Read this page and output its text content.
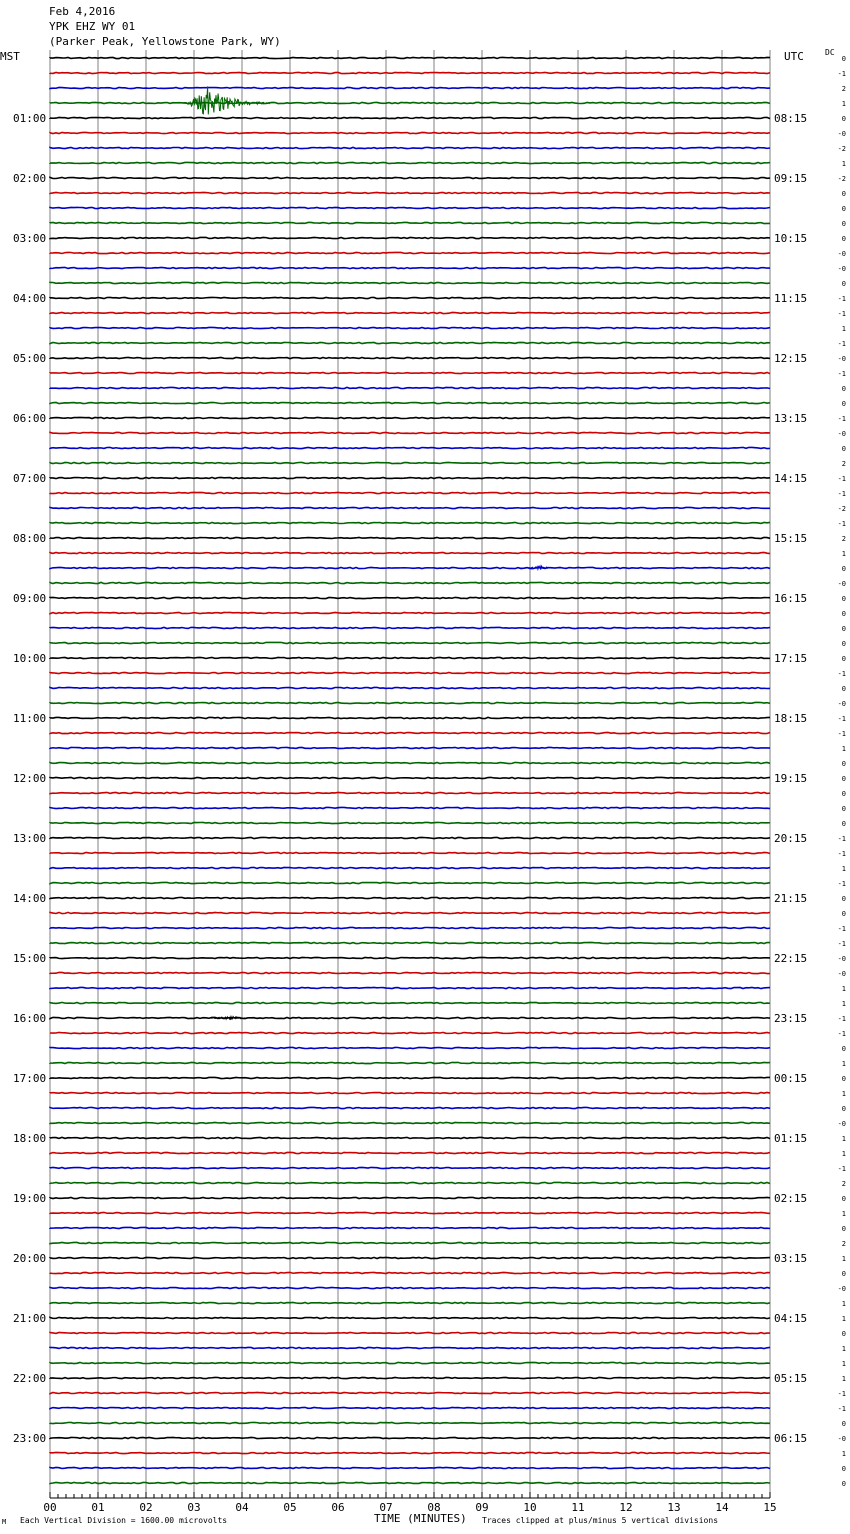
Feb 4,2016
YPK EHZ WY 01
(Parker Peak, Yellowstone Park, WY)
MST	UTC	DC
01:00
02:00
03:00
04:00
05:00
06:00
07:00
08:00
09:00
10:00
11:00
12:00
13:00
14:00
15:00
16:00
17:00
18:00
19:00
20:00
21:00
22:00
23:00
08:15
09:15
10:15
11:15
12:15
13:15
14:15
15:15
16:15
17:15
18:15
19:15
20:15
21:15
22:15
23:15
00:15
01:15
02:15
03:15
04:15
05:15
06:15
0
-1
2
1
0
-0
-2
1
-2
0
0
0
0
-0
-0
0
-1
-1
1
-1
-0
-1
0
0
-1
-0
0
2
-1
-1
-2
-1
2
1
0
-0
0
0
0
0
0
-1
0
-0
-1
-1
1
0
0
0
0
0
-1
-1
1
-1
0
0
-1
-1
-0
-0
1
1
-1
-1
0
1
0
1
0
-0
1
1
-1
2
0
1
0
2
1
0
-0
1
1
0
1
1
1
-1
-1
0
-0
1
0
0
00	01	02	03	04	05	06	07	08	09	10	11	12	13	14	15
M Each Vertical Division = 1600.00 microvolts	TIME (MINUTES) Traces clipped at plus/minus 5 vertical divisions
